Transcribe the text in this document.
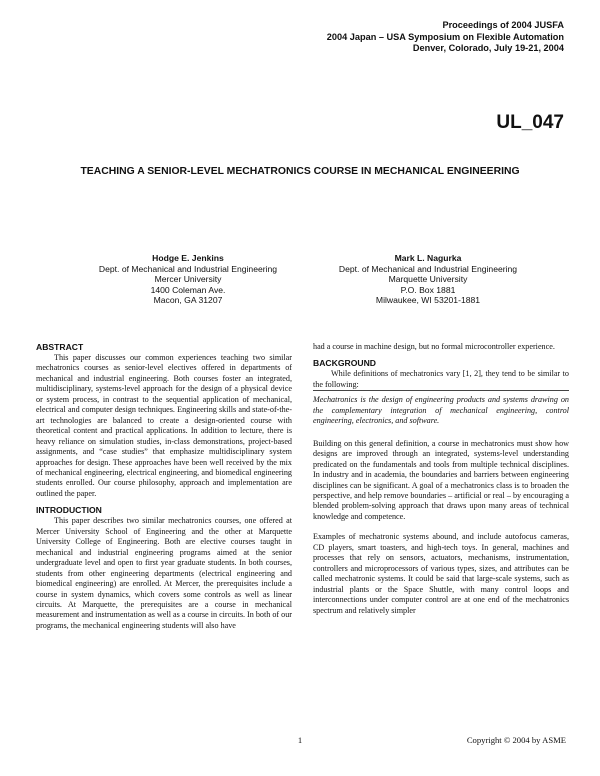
Proceedings of 2004 JUSFA
2004 Japan – USA Symposium on Flexible Automation
Denver, Colorado, July 19-21, 2004
UL_047
TEACHING A SENIOR-LEVEL MECHATRONICS COURSE IN MECHANICAL ENGINEERING
Hodge E. Jenkins
Dept. of Mechanical and Industrial Engineering
Mercer University
1400 Coleman Ave.
Macon, GA 31207
Mark L. Nagurka
Dept. of Mechanical and Industrial Engineering
Marquette University
P.O. Box 1881
Milwaukee, WI 53201-1881
ABSTRACT

This paper discusses our common experiences teaching two similar mechatronics courses as senior-level electives offered in departments of mechanical and industrial engineering. Both courses foster an integrated, multidisciplinary, systems-level approach for the design of a physical device or system process, in contrast to the sequential application of mechanical, electrical and computer design techniques. Engineering skills and state-of-the-art technologies are balanced to create a design-oriented course with theoretical content and practical applications. In addition to lecture, there is heavy reliance on simulation studies, in-class demonstrations, project-based assignments, and “case studies” that emphasize multidisciplinary system approaches for design. These approaches have been well received by the mix of mechanical engineering, electrical engineering, and biomedical engineering students enrolled. Our course philosophy, approach and implementation are outlined the paper.

INTRODUCTION

This paper describes two similar mechatronics courses, one offered at Mercer University School of Engineering and the other at Marquette University College of Engineering. Both are elective courses taught in mechanical and industrial engineering programs aimed at the senior undergraduate level and open to first year graduate students. In both courses, students from other engineering departments (electrical engineering and biomedical engineering) are enrolled. At Mercer, the prerequisites include a course in system dynamics, which covers some controls as well as linear circuits. At Marquette, the prerequisites are a course in mechanical measurement and instrumentation as well as a course in circuits. In both of our programs, the mechanical engineering students will also have

had a course in machine design, but no formal microcontroller experience.

BACKGROUND

While definitions of mechatronics vary [1, 2], they tend to be similar to the following:

Mechatronics is the design of engineering products and systems drawing on the complementary integration of mechanical engineering, control engineering, electronics, and software.

Building on this general definition, a course in mechatronics must show how designs are improved through an integrated, systems-level understanding predicated on the fundamentals and tools from multiple technical disciplines. In industry and in academia, the boundaries and barriers between engineering disciplines can be significant. A goal of a mechatronics class is to broaden the perspective, and help remove boundaries – artificial or real – by encouraging a blended problem-solving approach that draws upon many areas of technical knowledge and competence.

Examples of mechatronic systems abound, and include autofocus cameras, CD players, smart toasters, and high-tech toys. In general, machines and processes that rely on sensors, actuators, mechanisms, instrumentation, controllers and microprocessors of various types, sizes, and attributes can be called mechatronic systems. It could be said that large-scale systems, such as industrial plants or the Space Shuttle, with many control loops and interconnections under computer control are at one end of the mechatronics spectrum and relatively simpler

1	Copyright © 2004 by ASME
